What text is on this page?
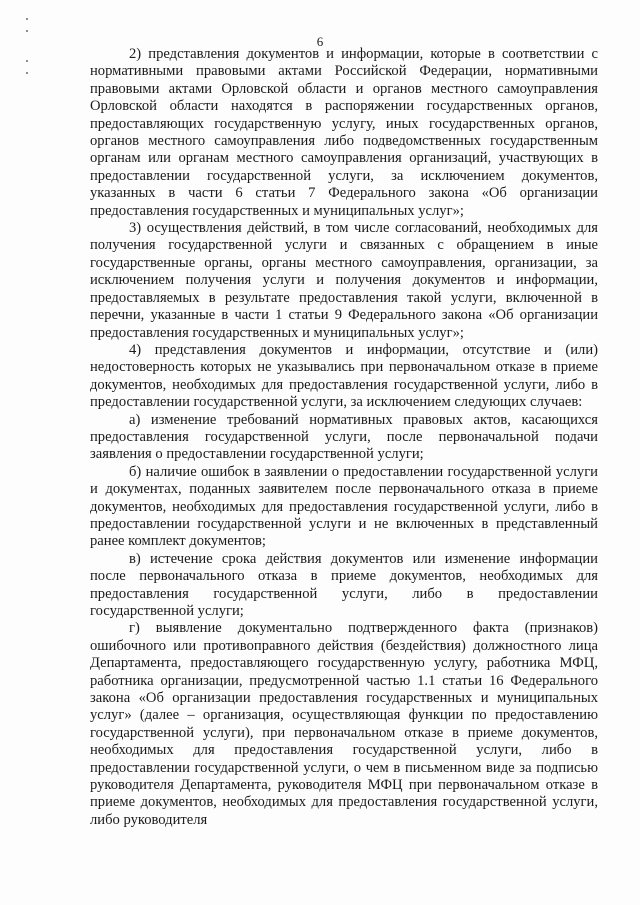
6

2) представления документов и информации, которые в соответствии с нормативными правовыми актами Российской Федерации, нормативными правовыми актами Орловской области и органов местного самоуправления Орловской области находятся в распоряжении государственных органов, предоставляющих государственную услугу, иных государственных органов, органов местного самоуправления либо подведомственных государственным органам или органам местного самоуправления организаций, участвующих в предоставлении государственной услуги, за исключением документов, указанных в части 6 статьи 7 Федерального закона «Об организации предоставления государственных и муниципальных услуг»;

3) осуществления действий, в том числе согласований, необходимых для получения государственной услуги и связанных с обращением в иные государственные органы, органы местного самоуправления, организации, за исключением получения услуги и получения документов и информации, предоставляемых в результате предоставления такой услуги, включенной в перечни, указанные в части 1 статьи 9 Федерального закона «Об организации предоставления государственных и муниципальных услуг»;

4) представления документов и информации, отсутствие и (или) недостоверность которых не указывались при первоначальном отказе в приеме документов, необходимых для предоставления государственной услуги, либо в предоставлении государственной услуги, за исключением следующих случаев:

а) изменение требований нормативных правовых актов, касающихся предоставления государственной услуги, после первоначальной подачи заявления о предоставлении государственной услуги;

б) наличие ошибок в заявлении о предоставлении государственной услуги и документах, поданных заявителем после первоначального отказа в приеме документов, необходимых для предоставления государственной услуги, либо в предоставлении государственной услуги и не включенных в представленный ранее комплект документов;

в) истечение срока действия документов или изменение информации после первоначального отказа в приеме документов, необходимых для предоставления государственной услуги, либо в предоставлении государственной услуги;

г) выявление документально подтвержденного факта (признаков) ошибочного или противоправного действия (бездействия) должностного лица Департамента, предоставляющего государственную услугу, работника МФЦ, работника организации, предусмотренной частью 1.1 статьи 16 Федерального закона «Об организации предоставления государственных и муниципальных услуг» (далее – организация, осуществляющая функции по предоставлению государственной услуги), при первоначальном отказе в приеме документов, необходимых для предоставления государственной услуги, либо в предоставлении государственной услуги, о чем в письменном виде за подписью руководителя Департамента, руководителя МФЦ при первоначальном отказе в приеме документов, необходимых для предоставления государственной услуги, либо руководителя
